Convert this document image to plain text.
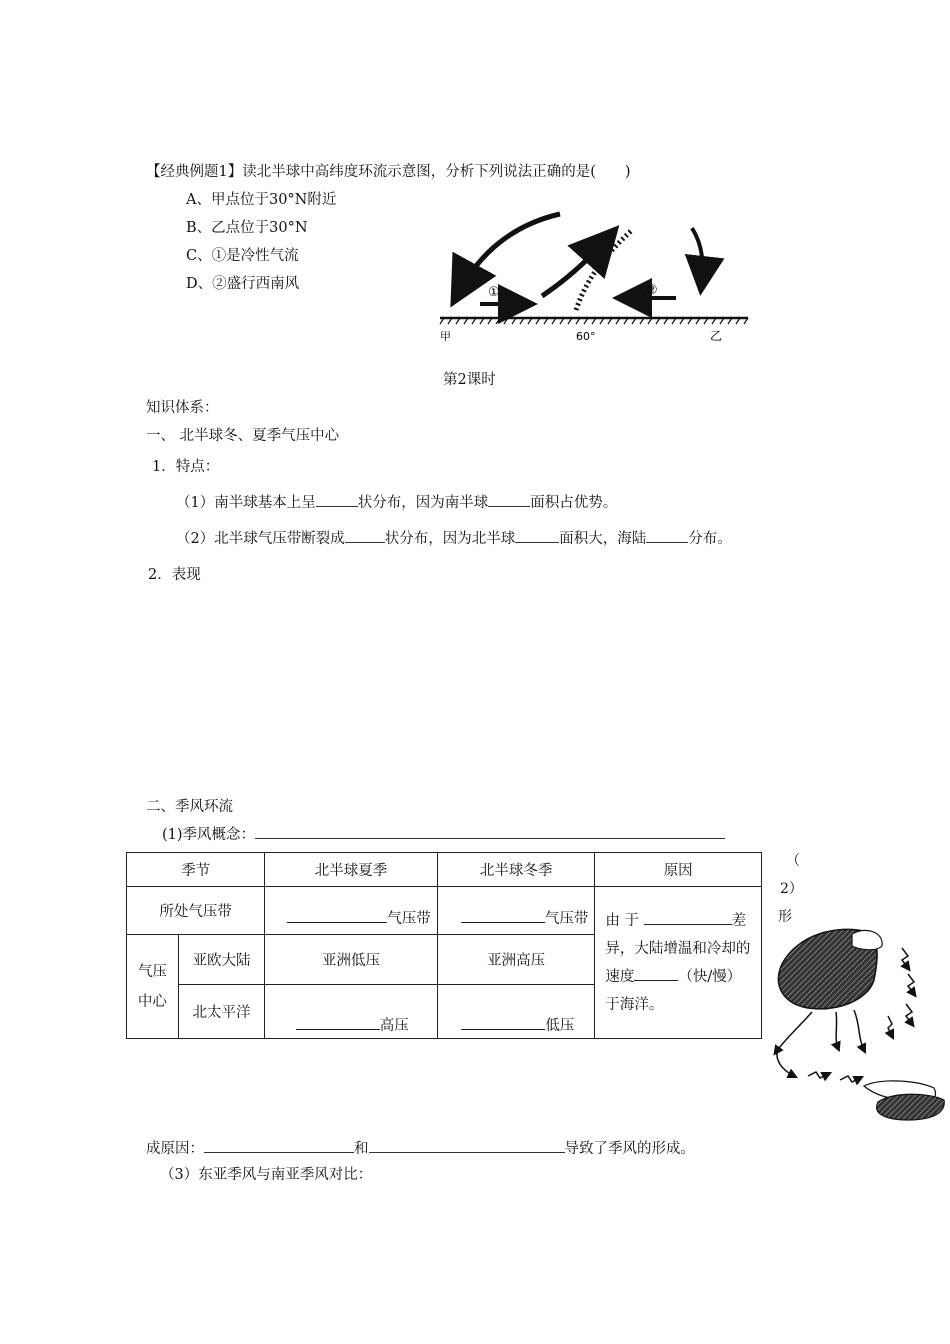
【经典例题1】读北半球中高纬度环流示意图，分析下列说法正确的是(　　)
A、甲点位于30°N附近
B、乙点位于30°N
C、①是冷性气流
D、②盛行西南风
①	②
甲	60°	乙
第2课时
知识体系：
一、 北半球冬、夏季气压中心
1．特点：
（1）南半球基本上呈	状分布，因为南半球	面积占优势。
（2）北半球气压带断裂成	状分布，因为北半球	面积大，海陆	分布。
2．表现
二、季风环流
(1)季风概念：
季节		北半球夏季	北半球冬季	原因
所处气压带		气压带	气压带	由 于 差异，大陆增温和冷却的速度 （快/慢）于海洋。
气压
中心	亚欧大陆	亚洲低压	亚洲高压	
	北太平洋	高压	低压	
（
2）
形
成原因：	和	导致了季风的形成。
（3）东亚季风与南亚季风对比：
